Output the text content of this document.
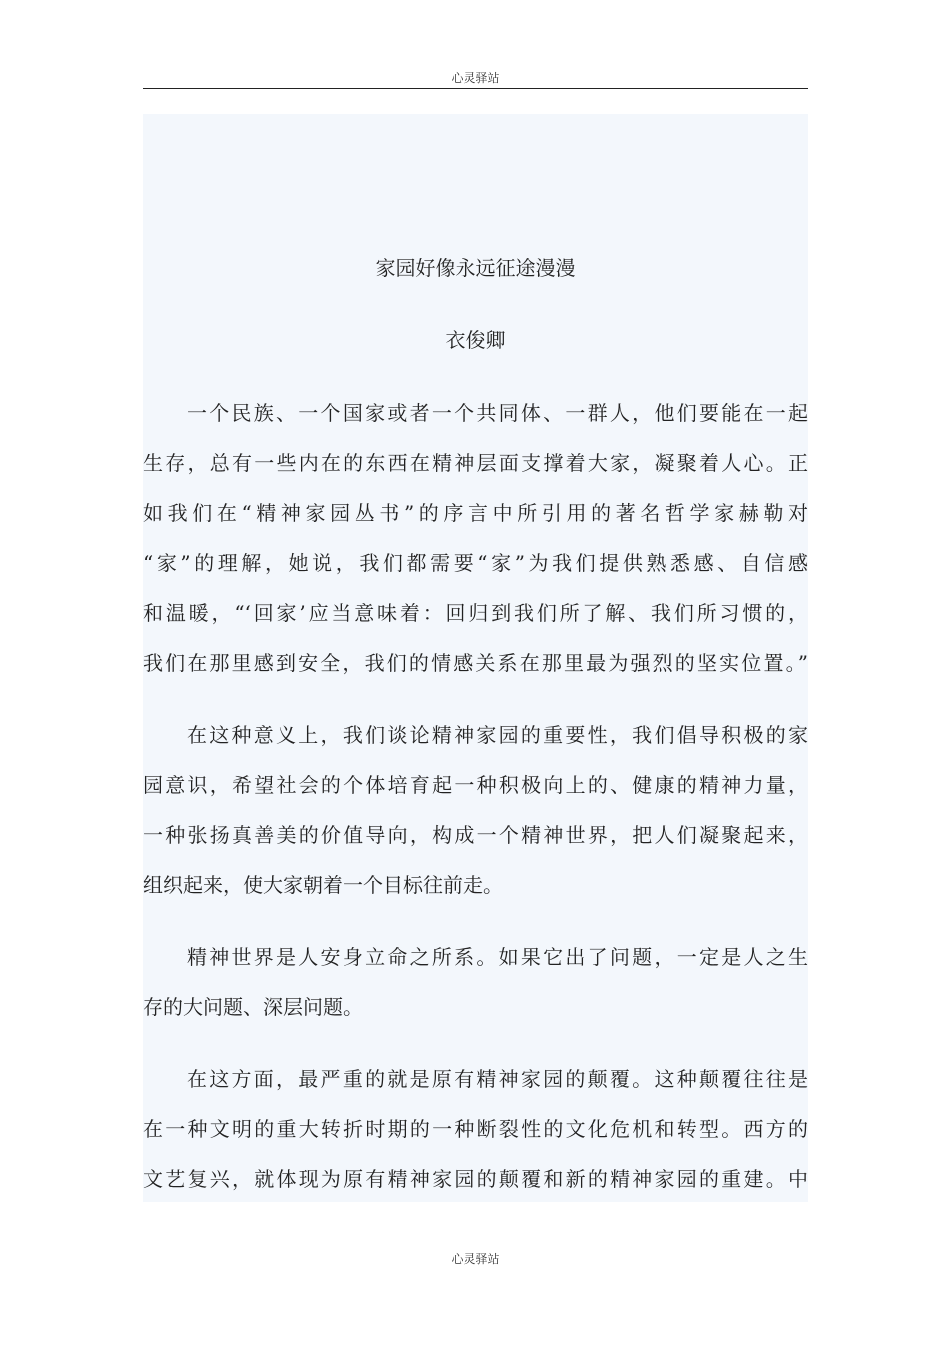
心灵驿站
家园好像永远征途漫漫
衣俊卿
一个民族、一个国家或者一个共同体、一群人，他们要能在一起
生存，总有一些内在的东西在精神层面支撑着大家，凝聚着人心。正
如我们在“精神家园丛书”的序言中所引用的著名哲学家赫勒对
“家”的理解，她说，我们都需要“家”为我们提供熟悉感、自信感
和温暖，“‘回家’应当意味着：回归到我们所了解、我们所习惯的，
我们在那里感到安全，我们的情感关系在那里最为强烈的坚实位置。”
在这种意义上，我们谈论精神家园的重要性，我们倡导积极的家
园意识，希望社会的个体培育起一种积极向上的、健康的精神力量，
一种张扬真善美的价值导向，构成一个精神世界，把人们凝聚起来，
组织起来，使大家朝着一个目标往前走。
精神世界是人安身立命之所系。如果它出了问题，一定是人之生
存的大问题、深层问题。
在这方面，最严重的就是原有精神家园的颠覆。这种颠覆往往是
在一种文明的重大转折时期的一种断裂性的文化危机和转型。西方的
文艺复兴，就体现为原有精神家园的颠覆和新的精神家园的重建。中
心灵驿站
